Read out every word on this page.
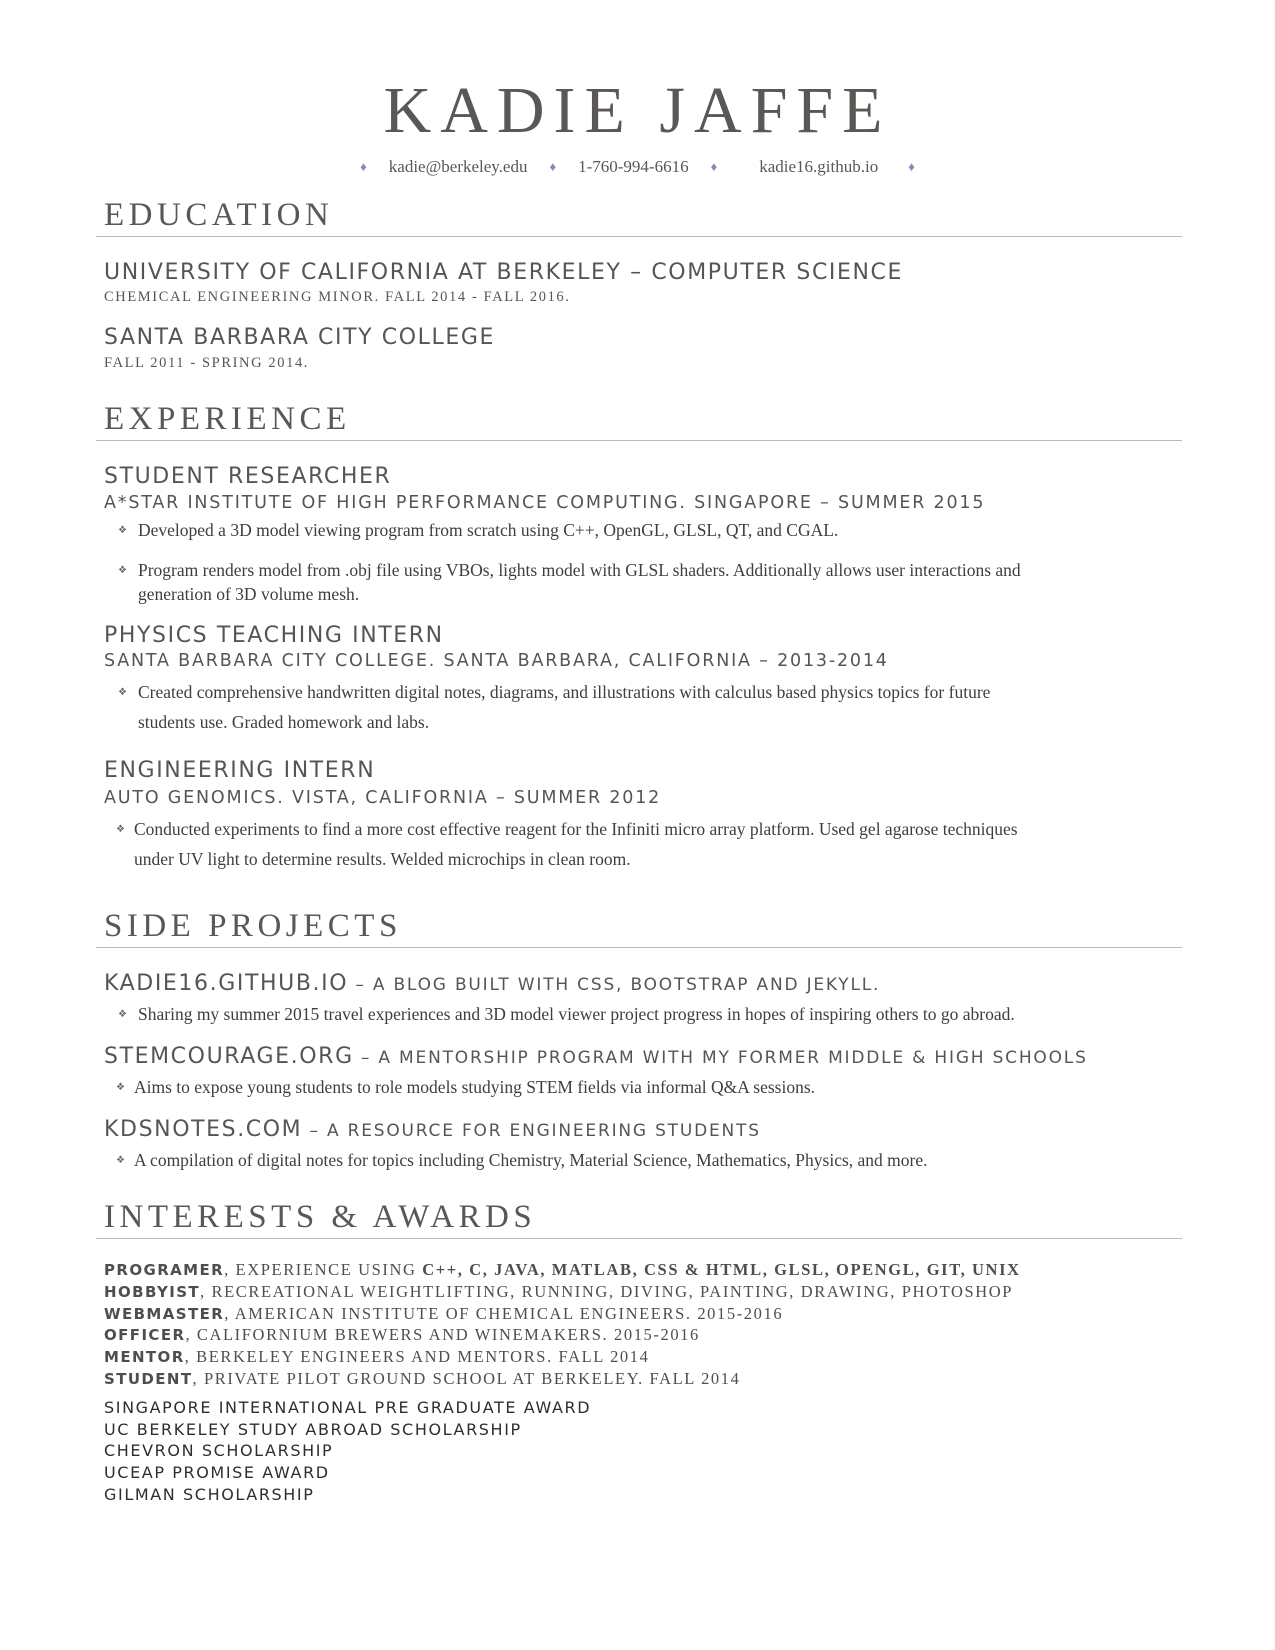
KADIE JAFFE
♦ kadie@berkeley.edu ♦ 1-760-994-6616 ♦ kadie16.github.io ♦
EDUCATION
UNIVERSITY OF CALIFORNIA AT BERKELEY – COMPUTER SCIENCE
CHEMICAL ENGINEERING MINOR. FALL 2014 - FALL 2016.
SANTA BARBARA CITY COLLEGE
FALL 2011 - SPRING 2014.
EXPERIENCE
STUDENT RESEARCHER
A*STAR INSTITUTE OF HIGH PERFORMANCE COMPUTING. SINGAPORE – SUMMER 2015
❖ Developed a 3D model viewing program from scratch using C++, OpenGL, GLSL, QT, and CGAL.
❖ Program renders model from .obj file using VBOs, lights model with GLSL shaders. Additionally allows user interactions and
generation of 3D volume mesh.
PHYSICS TEACHING INTERN
SANTA BARBARA CITY COLLEGE. SANTA BARBARA, CALIFORNIA – 2013-2014
❖ Created comprehensive handwritten digital notes, diagrams, and illustrations with calculus based physics topics for future
students use. Graded homework and labs.
ENGINEERING INTERN
AUTO GENOMICS. VISTA, CALIFORNIA – SUMMER 2012
❖ Conducted experiments to find a more cost effective reagent for the Infiniti micro array platform. Used gel agarose techniques
under UV light to determine results. Welded microchips in clean room.
SIDE PROJECTS
KADIE16.GITHUB.IO – A BLOG BUILT WITH CSS, BOOTSTRAP AND JEKYLL.
❖ Sharing my summer 2015 travel experiences and 3D model viewer project progress in hopes of inspiring others to go abroad.
STEMCOURAGE.ORG – A MENTORSHIP PROGRAM WITH MY FORMER MIDDLE & HIGH SCHOOLS
❖ Aims to expose young students to role models studying STEM fields via informal Q&A sessions.
KDSNOTES.COM – A RESOURCE FOR ENGINEERING STUDENTS
❖ A compilation of digital notes for topics including Chemistry, Material Science, Mathematics, Physics, and more.
INTERESTS & AWARDS
PROGRAMER, EXPERIENCE USING C++, C, JAVA, MATLAB, CSS & HTML, GLSL, OPENGL, GIT, UNIX
HOBBYIST, RECREATIONAL WEIGHTLIFTING, RUNNING, DIVING, PAINTING, DRAWING, PHOTOSHOP
WEBMASTER, AMERICAN INSTITUTE OF CHEMICAL ENGINEERS. 2015-2016
OFFICER, CALIFORNIUM BREWERS AND WINEMAKERS. 2015-2016
MENTOR, BERKELEY ENGINEERS AND MENTORS. FALL 2014
STUDENT, PRIVATE PILOT GROUND SCHOOL AT BERKELEY. FALL 2014
SINGAPORE INTERNATIONAL PRE GRADUATE AWARD
UC BERKELEY STUDY ABROAD SCHOLARSHIP
CHEVRON SCHOLARSHIP
UCEAP PROMISE AWARD
GILMAN SCHOLARSHIP
